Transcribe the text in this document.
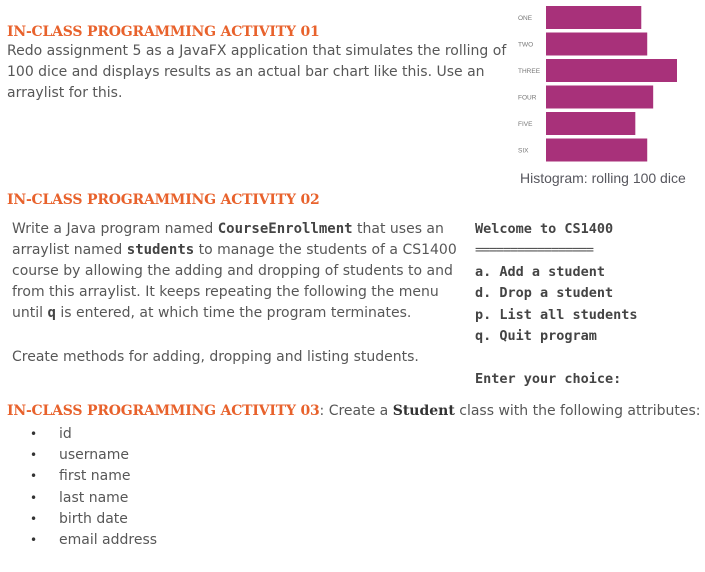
IN-CLASS PROGRAMMING ACTIVITY 01
Redo assignment 5 as a JavaFX application that simulates the rolling of
100 dice and displays results as an actual bar chart like this. Use an
arraylist for this.
ONE
TWO
THREE
FOUR
FIVE
SIX
Histogram: rolling 100 dice
IN-CLASS PROGRAMMING ACTIVITY 02
Write a Java program named CourseEnrollment that uses an
arraylist named students to manage the students of a CS1400
course by allowing the adding and dropping of students to and
from this arraylist. It keeps repeating the following the menu
until q is entered, at which time the program terminates.
Create methods for adding, dropping and listing students.
Welcome to CS1400
=================
a. Add a student
d. Drop a student
p. List all students
q. Quit program

Enter your choice:
IN-CLASS PROGRAMMING ACTIVITY 03: Create a Student class with the following attributes:
• id
• username
• first name
• last name
• birth date
• email address
